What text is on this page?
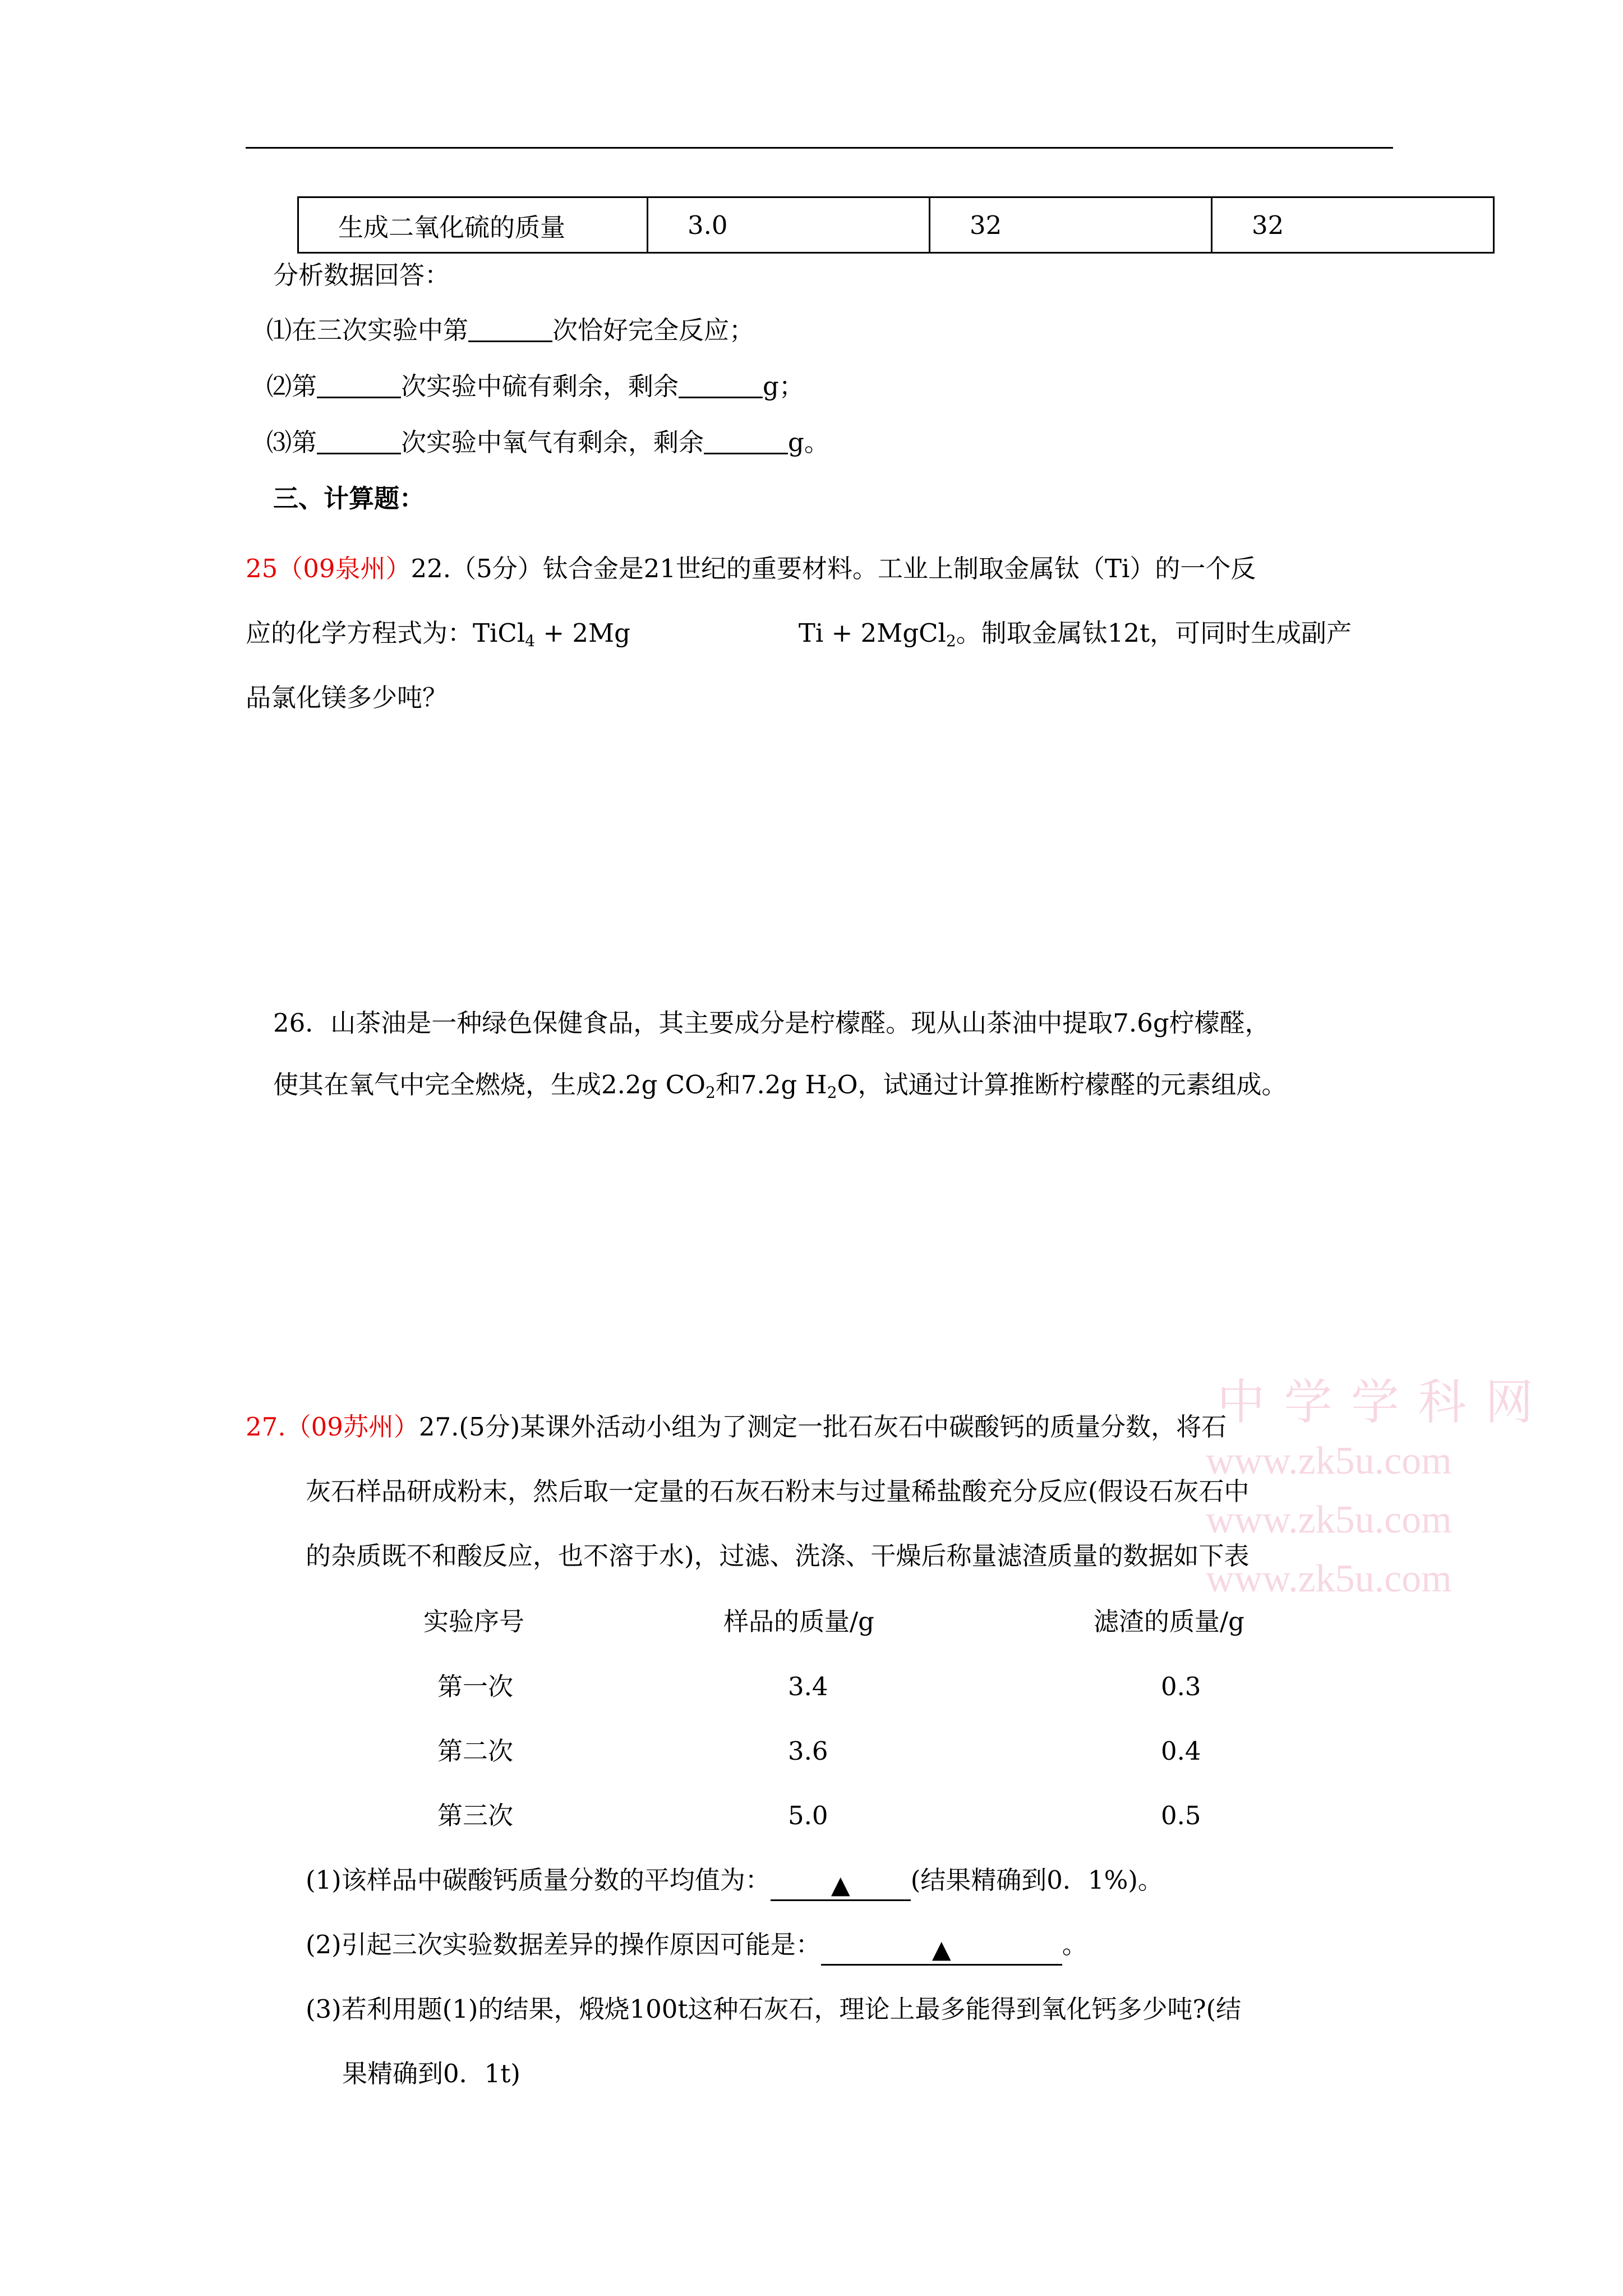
生成二氧化硫的质量	3.0	32	32
分析数据回答：
⑴在三次实验中第	次恰好完全反应；
⑵第	次实验中硫有剩余，剩余	g；
⑶第	次实验中氧气有剩余，剩余	g。
三、计算题：
25（09泉州）22.（5分）钛合金是21世纪的重要材料。工业上制取金属钛（Ti）的一个反
应的化学方程式为：TiCl$_4$ + 2Mg	Ti + 2MgCl$_2$。制取金属钛12t，可同时生成副产
品氯化镁多少吨？
26．山茶油是一种绿色保健食品，其主要成分是柠檬醛。现从山茶油中提取7.6g柠檬醛，
使其在氧气中完全燃烧，生成2.2g $CO_2$和7.2g $H_2O$，试通过计算推断柠檬醛的元素组成。
中 学 学 科 网
www.zk5u.com
www.zk5u.com
www.zk5u.com
27.（09苏州）27.(5分)某课外活动小组为了测定一批石灰石中碳酸钙的质量分数，将石
灰石样品研成粉末，然后取一定量的石灰石粉末与过量稀盐酸充分反应(假设石灰石中
的杂质既不和酸反应，也不溶于水)，过滤、洗涤、干燥后称量滤渣质量的数据如下表
实验序号	样品的质量/g	滤渣的质量/g
第一次	3.4	0.3
第二次	3.6	0.4
第三次	5.0	0.5
(1)该样品中碳酸钙质量分数的平均值为： ▲ (结果精确到0．1%)。
(2)引起三次实验数据差异的操作原因可能是：	▲	。
(3)若利用题(1)的结果，煅烧100t这种石灰石，理论上最多能得到氧化钙多少吨?(结
果精确到0．1t)
